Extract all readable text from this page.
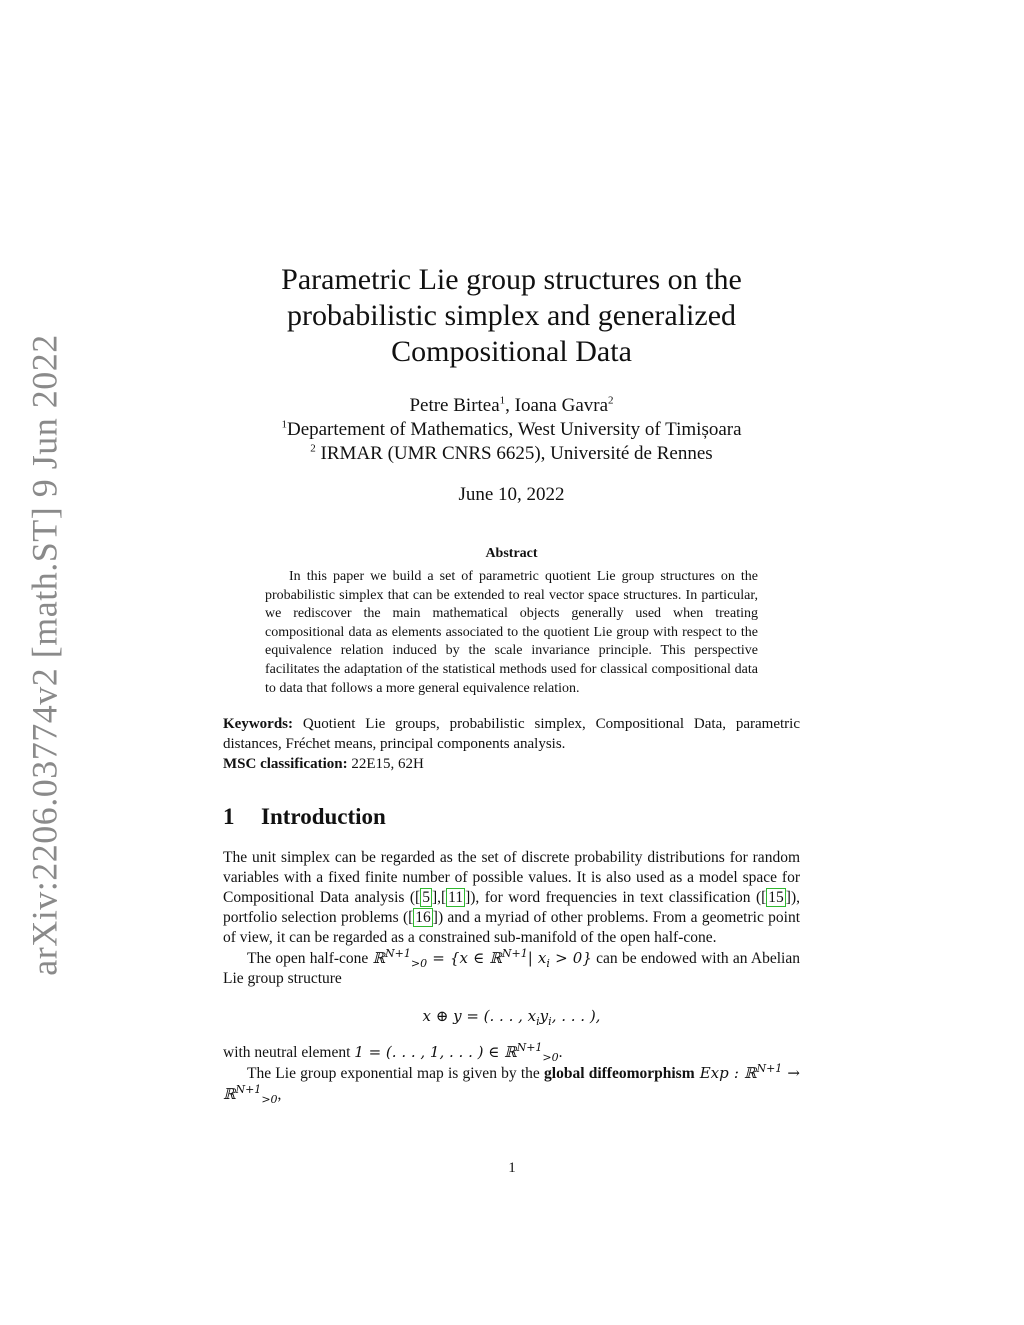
arXiv:2206.03774v2 [math.ST] 9 Jun 2022
Parametric Lie group structures on the probabilistic simplex and generalized Compositional Data
Petre Birtea$^1$, Ioana Gavra$^2$
$^1$Departement of Mathematics, West University of Timișoara
$^2$ IRMAR (UMR CNRS 6625), Université de Rennes
June 10, 2022
Abstract
In this paper we build a set of parametric quotient Lie group structures on the probabilistic simplex that can be extended to real vector space structures. In particular, we rediscover the main mathematical objects generally used when treating compositional data as elements associated to the quotient Lie group with respect to the equivalence relation induced by the scale invariance principle. This perspective facilitates the adaptation of the statistical methods used for classical compositional data to data that follows a more general equivalence relation.
Keywords: Quotient Lie groups, probabilistic simplex, Compositional Data, parametric distances, Fréchet means, principal components analysis.
MSC classification: 22E15, 62H
1	Introduction
The unit simplex can be regarded as the set of discrete probability distributions for random variables with a fixed finite number of possible values. It is also used as a model space for Compositional Data analysis ([ 5 ],[ 11 ]), for word frequencies in text classification ([ 15 ]), portfolio selection problems ([ 16 ]) and a myriad of other problems. From a geometric point of view, it can be regarded as a constrained sub-manifold of the open half-cone.
The open half-cone ℝ$^{N+1}_{>0}$ = {x ∈ ℝ$^{N+1}$| $x_i > 0$} can be endowed with an Abelian Lie group structure
x ⊕ y = (. . . , $x_iy_i$, . . . ),
with neutral element 1 = (. . . , 1, . . . ) ∈ ℝ$^{N+1}_{>0}$.
The Lie group exponential map is given by the global diffeomorphism Exp : ℝ$^{N+1}$ → ℝ$^{N+1}_{>0}$,
1
